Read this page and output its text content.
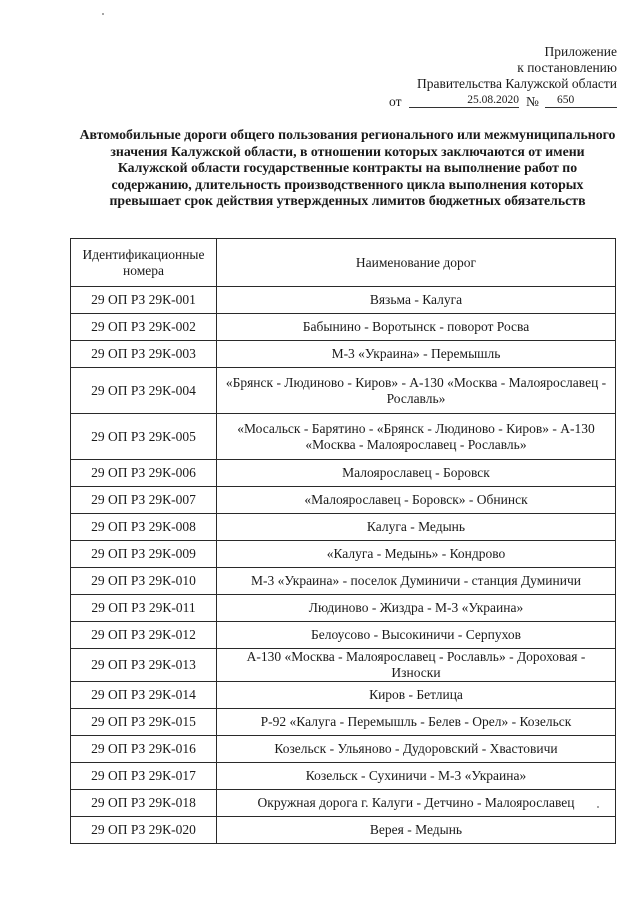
Приложение
к постановлению
Правительства Калужской области
от	25.08.2020 № 650
Автомобильные дороги общего пользования регионального или межмуниципального
значения Калужской области, в отношении которых заключаются от имени
Калужской области государственные контракты на выполнение работ по
содержанию, длительность производственного цикла выполнения которых
превышает срок действия утвержденных лимитов бюджетных обязательств
Идентификационные номера	Наименование дорог
29 ОП РЗ 29К-001	Вязьма - Калуга
29 ОП РЗ 29К-002	Бабынино - Воротынск - поворот Росва
29 ОП РЗ 29К-003	М-3 «Украина» - Перемышль
29 ОП РЗ 29К-004	«Брянск - Людиново - Киров» - А-130 «Москва - Малоярославец - Рославль»
29 ОП РЗ 29К-005	«Мосальск - Барятино - «Брянск - Людиново - Киров» - А-130 «Москва - Малоярославец - Рославль»
29 ОП РЗ 29К-006	Малоярославец - Боровск
29 ОП РЗ 29К-007	«Малоярославец - Боровск» - Обнинск
29 ОП РЗ 29К-008	Калуга - Медынь
29 ОП РЗ 29К-009	«Калуга - Медынь» - Кондрово
29 ОП РЗ 29К-010	М-3 «Украина» - поселок Думиничи - станция Думиничи
29 ОП РЗ 29К-011	Людиново - Жиздра - М-3 «Украина»
29 ОП РЗ 29К-012	Белоусово - Высокиничи - Серпухов
29 ОП РЗ 29К-013	А-130 «Москва - Малоярославец - Рославль» - Дороховая - Износки
29 ОП РЗ 29К-014	Киров - Бетлица
29 ОП РЗ 29К-015	Р-92 «Калуга - Перемышль - Белев - Орел» - Козельск
29 ОП РЗ 29К-016	Козельск - Ульяново - Дудоровский - Хвастовичи
29 ОП РЗ 29К-017	Козельск - Сухиничи - М-3 «Украина»
29 ОП РЗ 29К-018	Окружная дорога г. Калуги - Детчино - Малоярославец
29 ОП РЗ 29К-020	Верея - Медынь
